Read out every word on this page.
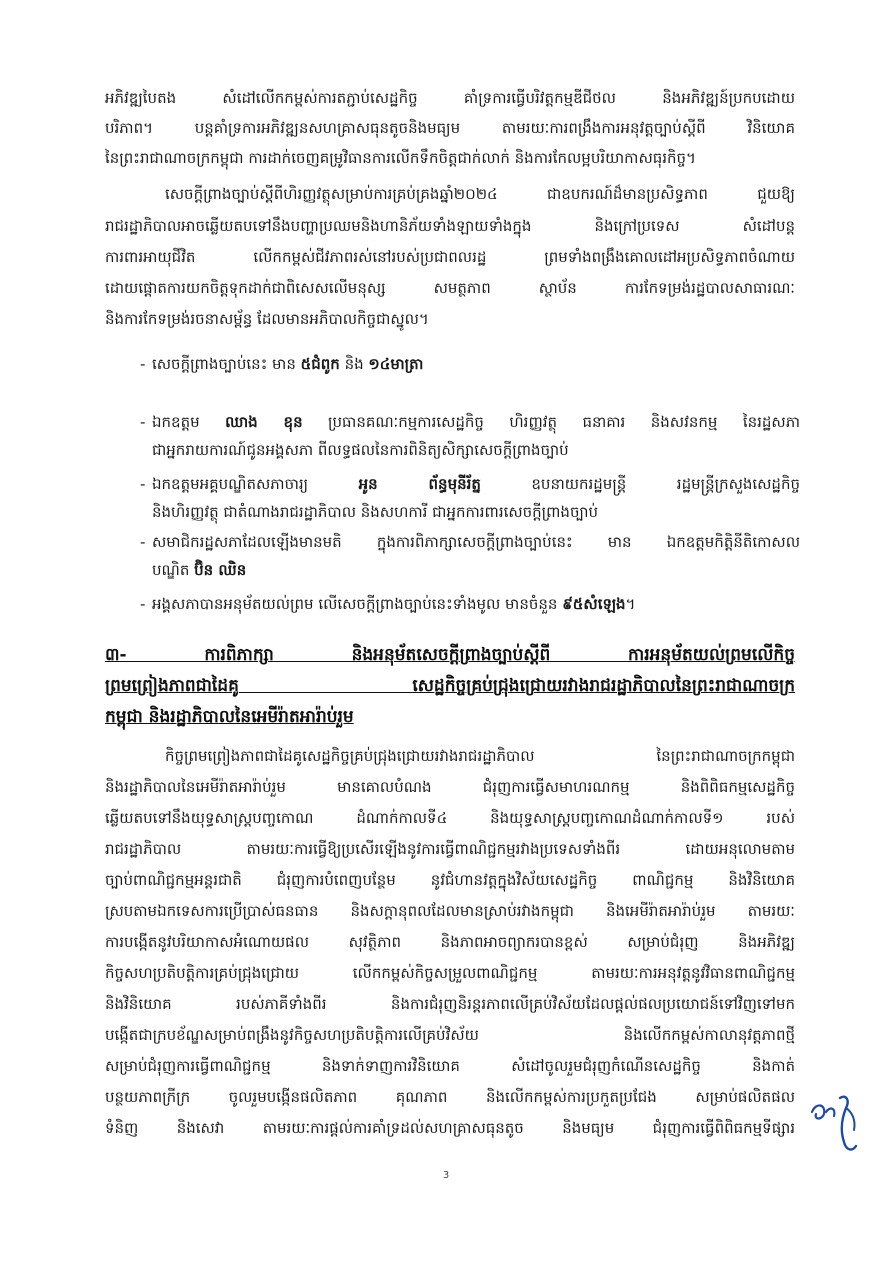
អភិវឌ្ឍបៃតង សំដៅលើកកម្ពស់ការតភ្ជាប់សេដ្ឋកិច្ច គាំទ្រការធ្វើបរិវត្តកម្មឌីជីថល និងអភិវឌ្ឍន៍ប្រកបដោយ
បរិភាព។ បន្តគាំទ្រការអភិវឌ្ឍនសហគ្រាសធុនតូចនិងមធ្យម តាមរយៈការពង្រឹងការអនុវត្តច្បាប់ស្តីពី វិនិយោគ
នៃព្រះរាជាណាចក្រកម្ពុជា ការដាក់ចេញគម្រូវិធានការលើកទឹកចិត្តជាក់លាក់ និងការកែលម្អបរិយាកាសធុរកិច្ច។
សេចក្តីព្រាងច្បាប់ស្តីពីហិរញ្ញវត្ថុសម្រាប់ការគ្រប់គ្រងឆ្នាំ២០២៤ ជាឧបករណ៍ដ៏មានប្រសិទ្ធភាព ជួយឱ្យ
រាជរដ្ឋាភិបាលអាចឆ្លើយតបទៅនឹងបញ្ហាប្រឈមនិងហានិភ័យទាំងឡាយទាំងក្នុង និងក្រៅប្រទេស សំដៅបន្ត
ការពារអាយុជីវិត លើកកម្ពស់ជីវភាពរស់នៅរបស់ប្រជាពលរដ្ឋ ព្រមទាំងពង្រឹងគោលដៅអប្រសិទ្ធភាពចំណាយ
ដោយផ្តោតការយកចិត្តទុកដាក់ជាពិសេសលើមនុស្ស សមត្ថភាព ស្ថាប័ន ការកែទម្រង់រដ្ឋបាលសាធារណៈ
និងការកែទម្រង់រចនាសម្ព័ន្ធ ដែលមានអភិបាលកិច្ចជាស្នូល។
- សេចក្តីព្រាងច្បាប់នេះ មាន ៥ជំពូក និង ១៤មាត្រា
- ឯកឧត្តម ឈាង ឧុន ប្រធានគណៈកម្មការសេដ្ឋកិច្ច ហិរញ្ញវត្ថុ ធនាគារ និងសវនកម្ម នៃរដ្ឋសភា
ជាអ្នករាយការណ៍ជូនអង្គសភា ពីលទ្ធផលនៃការពិនិត្យសិក្សាសេចក្តីព្រាងច្បាប់
- ឯកឧត្តមអគ្គបណ្ឌិតសភាចារ្យ អូន ព័ន្ធមុនីរ័ត្ន ឧបនាយករដ្ឋមន្ត្រី រដ្ឋមន្ត្រីក្រសួងសេដ្ឋកិច្ច
និងហិរញ្ញវត្ថុ ជាតំណាងរាជរដ្ឋាភិបាល និងសហការី ជាអ្នកការពារសេចក្តីព្រាងច្បាប់
- សមាជិករដ្ឋសភាដែលឡើងមានមតិ ក្នុងការពិភាក្សាសេចក្តីព្រាងច្បាប់នេះ មាន ឯកឧត្តមកិត្តិនីតិកោសល
បណ្ឌិត ប៊ិន ឈិន
- អង្គសភាបានអនុម័តយល់ព្រម លើសេចក្តីព្រាងច្បាប់នេះទាំងមូល មានចំនួន ៩៥សំឡេង។
៣- ការពិភាក្សា និងអនុម័តសេចក្តីព្រាងច្បាប់ស្តីពី ការអនុម័តយល់ព្រមលើកិច្ច
ព្រមព្រៀងភាពជាដៃគូ សេដ្ឋកិច្ចគ្រប់ជ្រុងជ្រោយរវាងរាជរដ្ឋាភិបាលនៃព្រះរាជាណាចក្រ
កម្ពុជា និងរដ្ឋាភិបាលនៃអេមីរ៉ាតអារ៉ាប់រួម
កិច្ចព្រមព្រៀងភាពជាដៃគូសេដ្ឋកិច្ចគ្រប់ជ្រុងជ្រោយរវាងរាជរដ្ឋាភិបាល នៃព្រះរាជាណាចក្រកម្ពុជា
និងរដ្ឋាភិបាលនៃអេមីរ៉ាតអារ៉ាប់រួម មានគោលបំណង ជំរុញការធ្វើសមាហរណកម្ម និងពិពិធកម្មសេដ្ឋកិច្ច
ឆ្លើយតបទៅនឹងយុទ្ធសាស្ត្របញ្ចកោណ ដំណាក់កាលទី៤ និងយុទ្ធសាស្ត្របញ្ចកោណដំណាក់កាលទី១ របស់
រាជរដ្ឋាភិបាល តាមរយៈការធ្វើឱ្យប្រសើរឡើងនូវការធ្វើពាណិជ្ជកម្មរវាងប្រទេសទាំងពីរ ដោយអនុលោមតាម
ច្បាប់ពាណិជ្ជកម្មអន្តរជាតិ ជំរុញការបំពេញបន្ថែម នូវជំហានវត្តក្នុងវិស័យសេដ្ឋកិច្ច ពាណិជ្ជកម្ម និងវិនិយោគ
ស្របតាមឯកទេសការប្រើប្រាស់ធនធាន និងសក្តានុពលដែលមានស្រាប់រវាងកម្ពុជា និងអេមីរ៉ាតអារ៉ាប់រួម តាមរយៈ
ការបង្កើតនូវបរិយាកាសអំណោយផល សុវត្ថិភាព និងភាពអាចព្យាករបានខ្ពស់ សម្រាប់ជំរុញ និងអភិវឌ្ឍ
កិច្ចសហប្រតិបត្តិការគ្រប់ជ្រុងជ្រោយ លើកកម្ពស់កិច្ចសម្រួលពាណិជ្ជកម្ម តាមរយៈការអនុវត្តនូវវិធានពាណិជ្ជកម្ម
និងវិនិយោគ របស់ភាគីទាំងពីរ និងការជំរុញនិរន្តរភាពលើគ្រប់វិស័យដែលផ្តល់ផលប្រយោជន៍ទៅវិញទៅមក
បង្កើតជាក្របខ័ណ្ឌសម្រាប់ពង្រឹងនូវកិច្ចសហប្រតិបត្តិការលើគ្រប់វិស័យ និងលើកកម្ពស់កាលានុវត្តភាពថ្មី
សម្រាប់ជំរុញការធ្វើពាណិជ្ជកម្ម និងទាក់ទាញការវិនិយោគ សំដៅចូលរួមជំរុញកំណើនសេដ្ឋកិច្ច និងកាត់
បន្ថយភាពក្រីក្រ ចូលរួមបង្កើនផលិតភាព គុណភាព និងលើកកម្ពស់ការប្រកួតប្រជែង សម្រាប់ផលិតផល
ទំនិញ និងសេវា តាមរយៈការផ្តល់ការគាំទ្រដល់សហគ្រាសធុនតូច និងមធ្យម ជំរុញការធ្វើពិពិធកម្មទីផ្សារ
3
